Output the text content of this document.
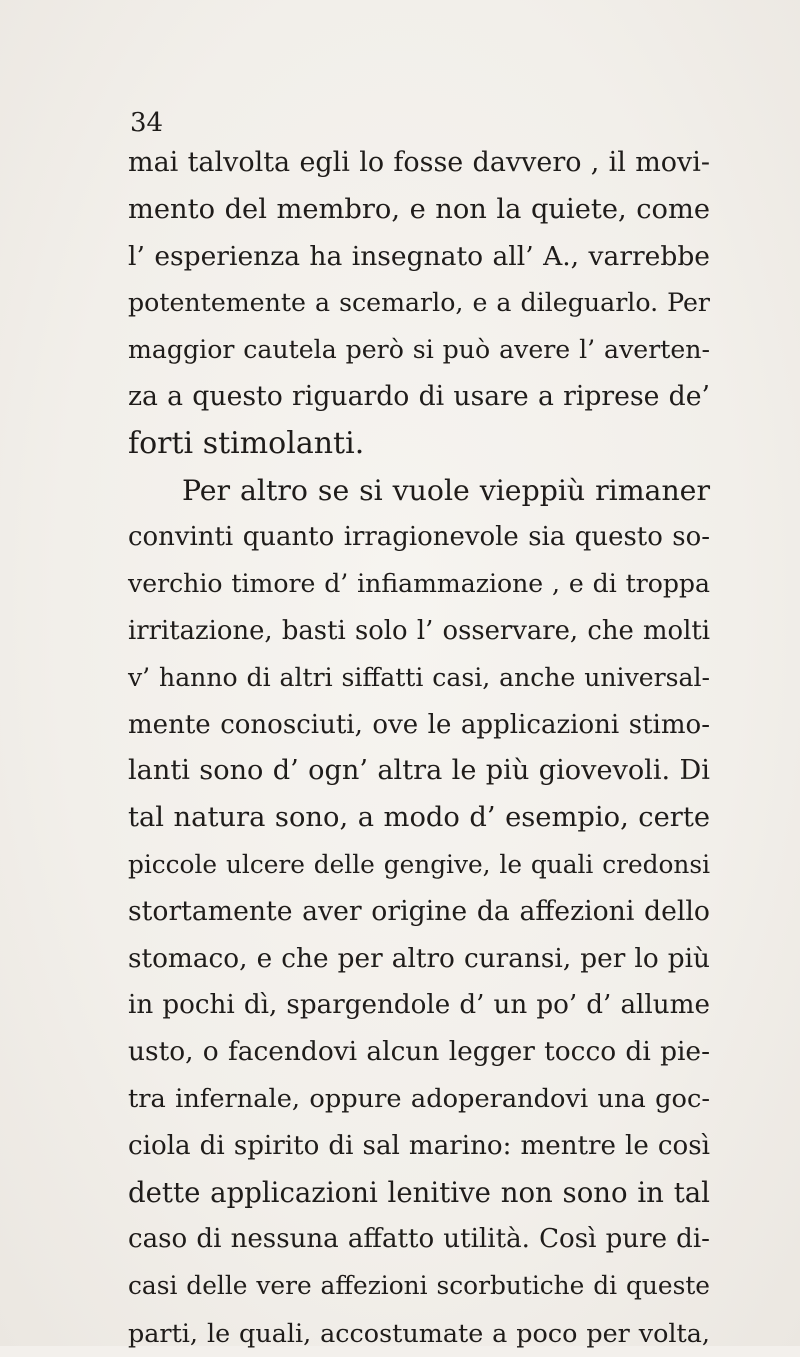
34
mai talvolta egli lo fosse davvero , il movi-
mento del membro, e non la quiete, come
l’ esperienza ha insegnato all’ A., varrebbe
potentemente a scemarlo, e a dileguarlo. Per
maggior cautela però si può avere l’ averten-
za a questo riguardo di usare a riprese de’
forti stimolanti.
Per altro se si vuole vieppiù rimaner
convinti quanto irragionevole sia questo so-
verchio timore d’ infiammazione , e di troppa
irritazione, basti solo l’ osservare, che molti
v’ hanno di altri siffatti casi, anche universal-
mente conosciuti, ove le applicazioni stimo-
lanti sono d’ ogn’ altra le più giovevoli. Di
tal natura sono, a modo d’ esempio, certe
piccole ulcere delle gengive, le quali credonsi
stortamente aver origine da affezioni dello
stomaco, e che per altro curansi, per lo più
in pochi dì, spargendole d’ un po’ d’ allume
usto, o facendovi alcun legger tocco di pie-
tra infernale, oppure adoperandovi una goc-
ciola di spirito di sal marino: mentre le così
dette applicazioni lenitive non sono in tal
caso di nessuna affatto utilità. Così pure di-
casi delle vere affezioni scorbutiche di queste
parti, le quali, accostumate a poco per volta,
